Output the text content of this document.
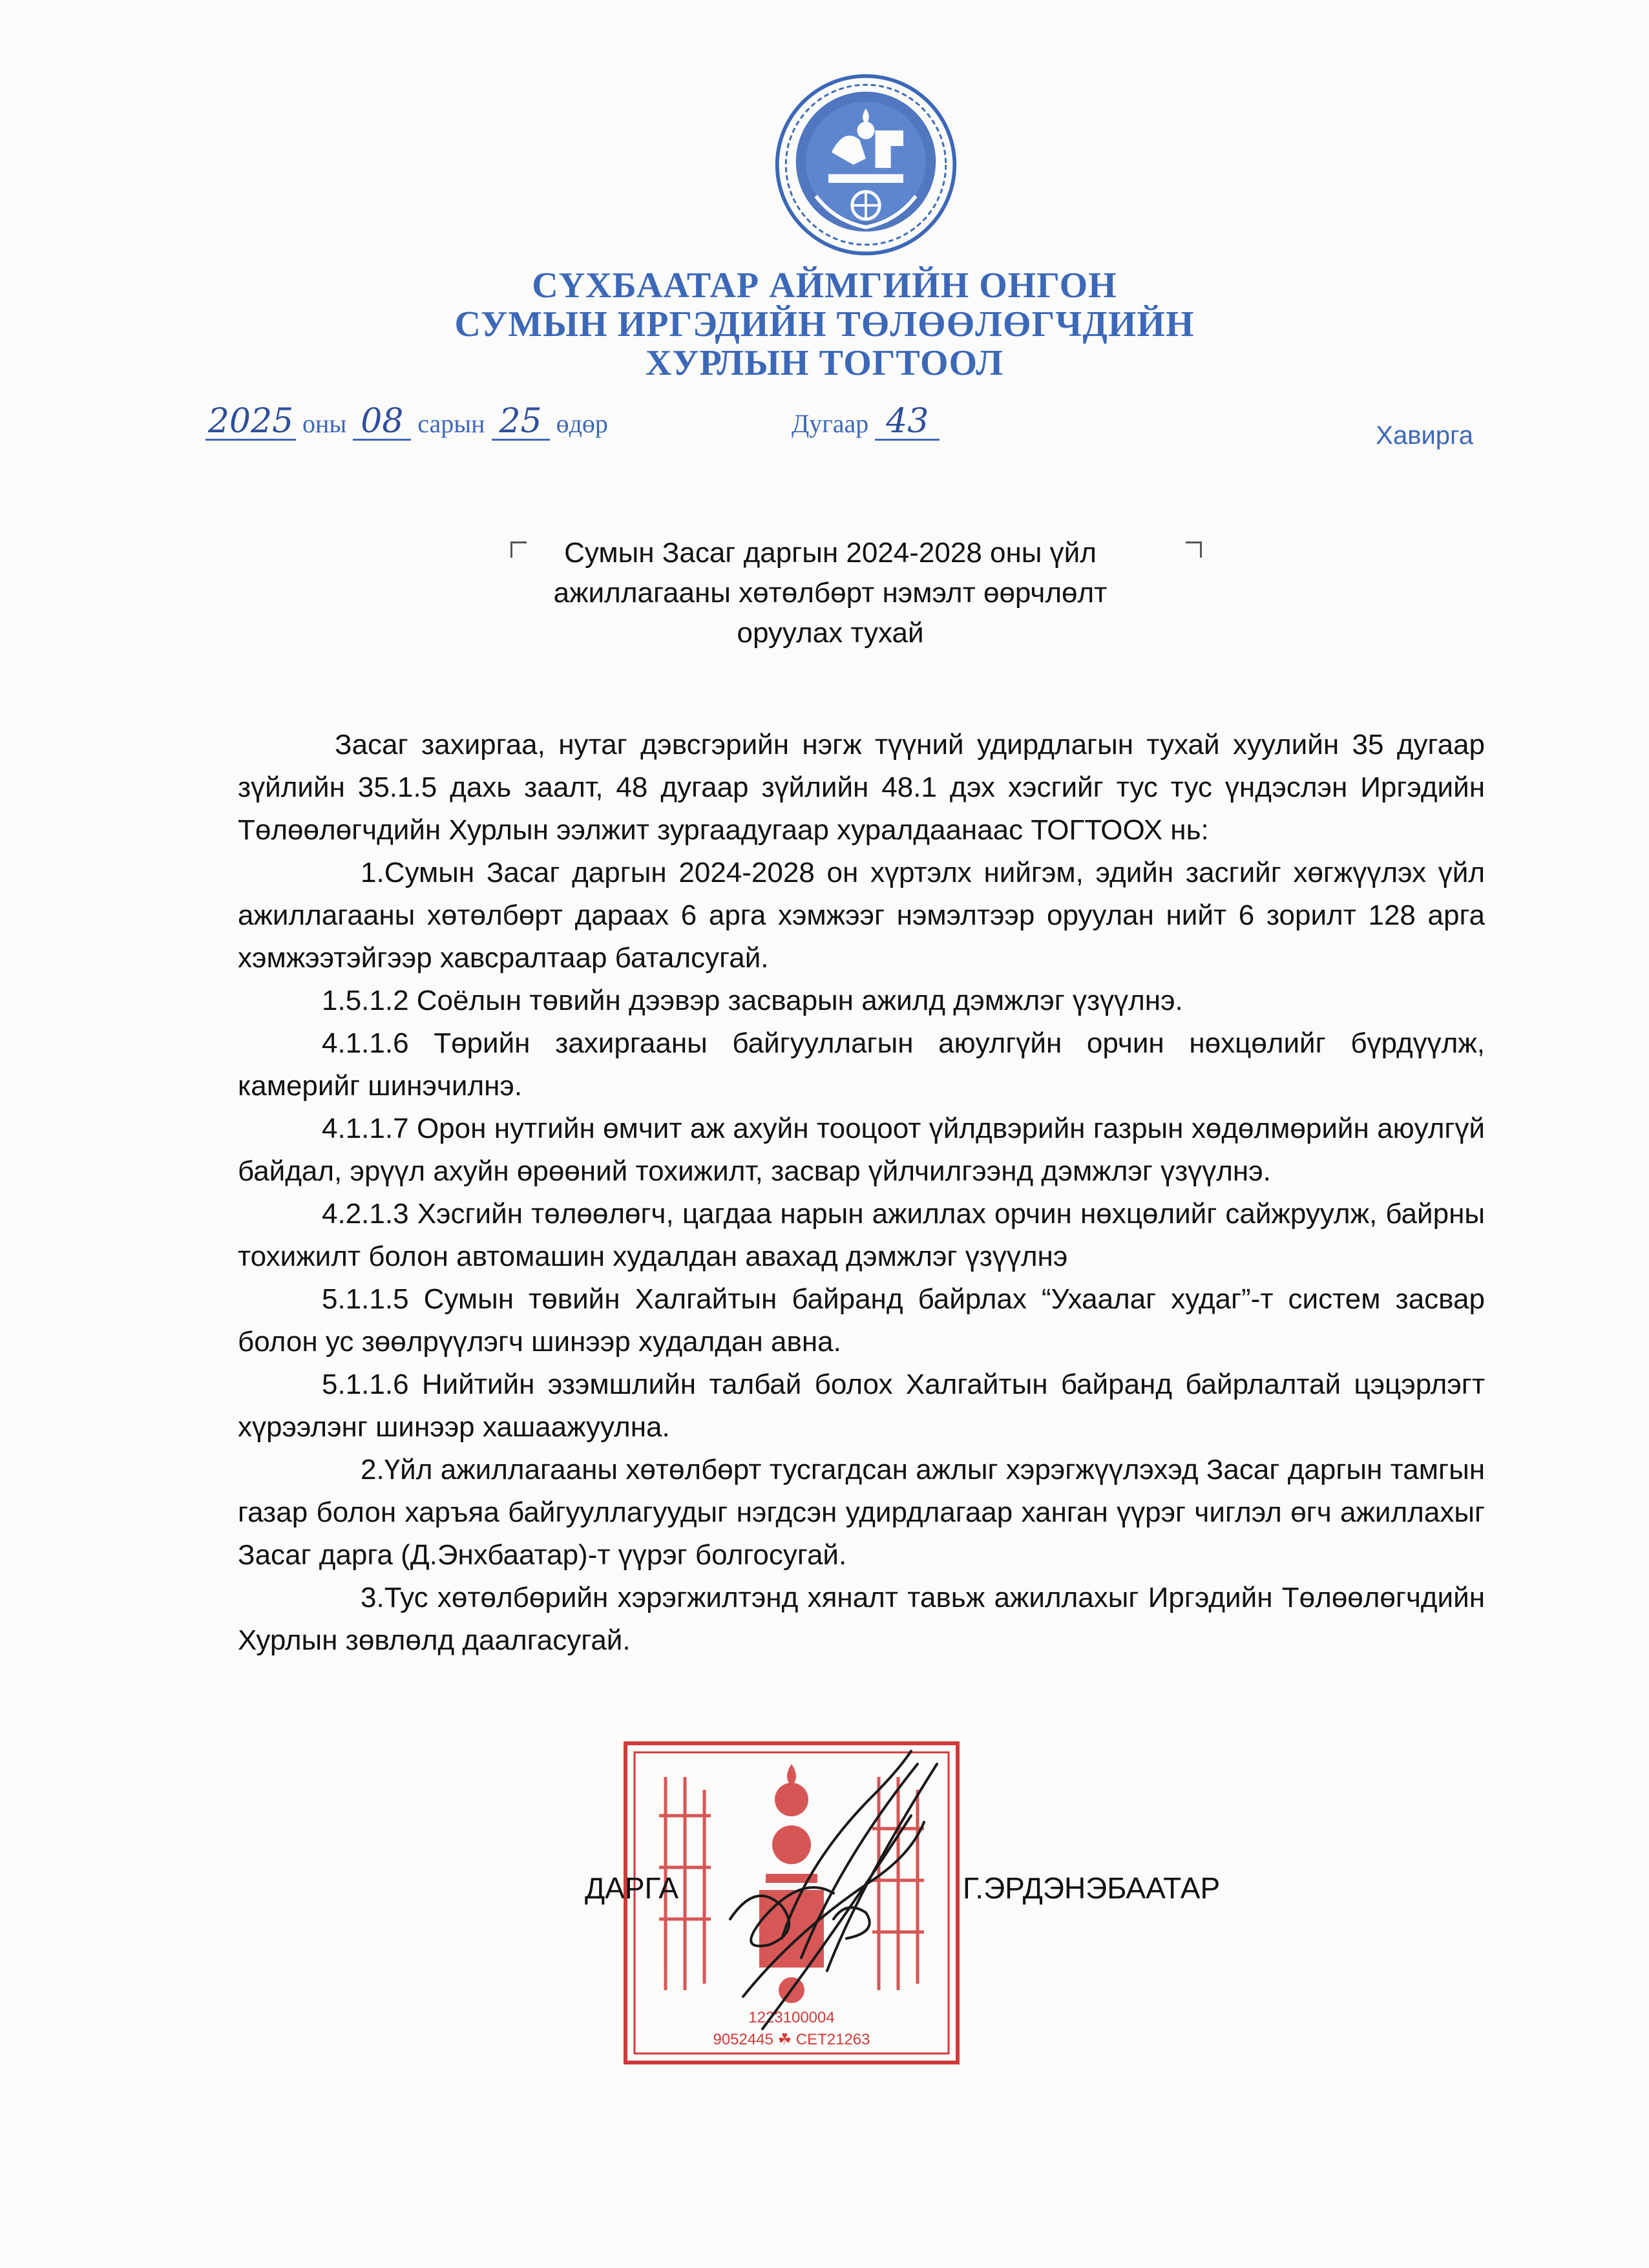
СҮХБААТАР АЙМГИЙН ОНГОН
СУМЫН ИРГЭДИЙН ТӨЛӨӨЛӨГЧДИЙН
ХУРЛЫН ТОГТООЛ
2025 оны 08 сарын 25 өдөр	Дугаар 43	Хавирга
Сумын Засаг даргын 2024-2028 оны үйл
ажиллагааны хөтөлбөрт нэмэлт өөрчлөлт
оруулах тухай

Засаг захиргаа, нутаг дэвсгэрийн нэгж түүний удирдлагын тухай хуулийн 35 дугаар зүйлийн 35.1.5 дахь заалт, 48 дугаар зүйлийн 48.1 дэх хэсгийг тус тус үндэслэн Иргэдийн Төлөөлөгчдийн Хурлын ээлжит зургаадугаар хуралдаанаас ТОГТООХ нь:

1.Сумын Засаг даргын 2024-2028 он хүртэлх нийгэм, эдийн засгийг хөгжүүлэх үйл ажиллагааны хөтөлбөрт дараах 6 арга хэмжээг нэмэлтээр оруулан нийт 6 зорилт 128 арга хэмжээтэйгээр хавсралтаар баталсугай.

1.5.1.2 Соёлын төвийн дээвэр засварын ажилд дэмжлэг үзүүлнэ.

4.1.1.6 Төрийн захиргааны байгууллагын аюулгүйн орчин нөхцөлийг бүрдүүлж, камерийг шинэчилнэ.

4.1.1.7 Орон нутгийн өмчит аж ахуйн тооцоот үйлдвэрийн газрын хөдөлмөрийн аюулгүй байдал, эрүүл ахуйн өрөөний тохижилт, засвар үйлчилгээнд дэмжлэг үзүүлнэ.

4.2.1.3 Хэсгийн төлөөлөгч, цагдаа нарын ажиллах орчин нөхцөлийг сайжруулж, байрны тохижилт болон автомашин худалдан авахад дэмжлэг үзүүлнэ

5.1.1.5 Сумын төвийн Халгайтын байранд байрлах “Ухаалаг худаг”-т систем засвар болон ус зөөлрүүлэгч шинээр худалдан авна.

5.1.1.6 Нийтийн эзэмшлийн талбай болох Халгайтын байранд байрлалтай цэцэрлэгт хүрээлэнг шинээр хашаажуулна.

2.Үйл ажиллагааны хөтөлбөрт тусгагдсан ажлыг хэрэгжүүлэхэд Засаг даргын тамгын газар болон харъяа байгууллагуудыг нэгдсэн удирдлагаар ханган үүрэг чиглэл өгч ажиллахыг Засаг дарга (Д.Энхбаатар)-т үүрэг болгосугай.

3.Тус хөтөлбөрийн хэрэгжилтэнд хяналт тавьж ажиллахыг Иргэдийн Төлөөлөгчдийн Хурлын зөвлөлд даалгасугай.

1223100004
9052445 ☘ СЕТ21263
ДАРГА	Г.ЭРДЭНЭБААТАР
